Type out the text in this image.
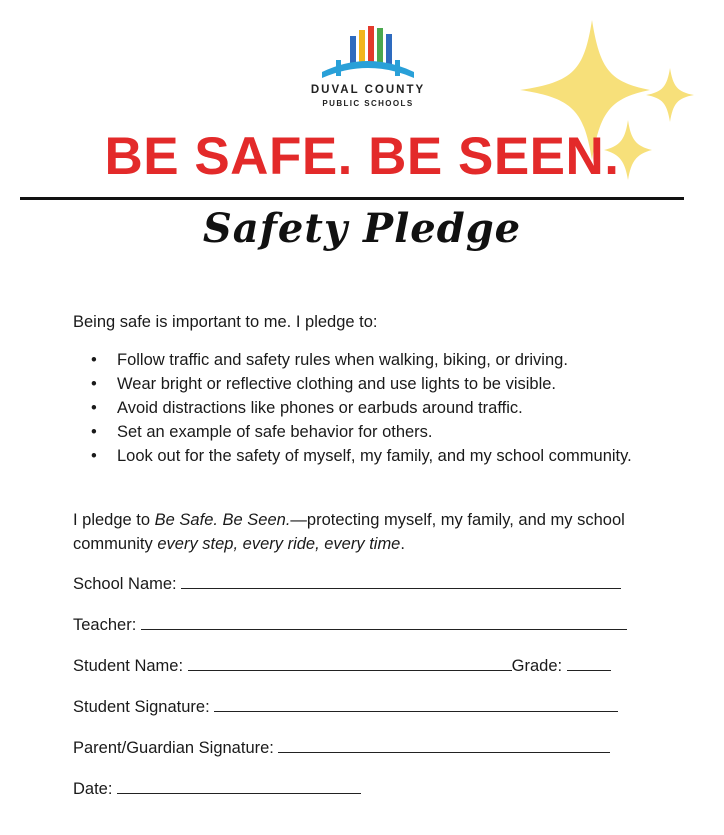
DUVAL COUNTY
PUBLIC SCHOOLS
BE SAFE. BE SEEN.
Safety Pledge
Being safe is important to me. I pledge to:
• Follow traffic and safety rules when walking, biking, or driving.
• Wear bright or reflective clothing and use lights to be visible.
• Avoid distractions like phones or earbuds around traffic.
• Set an example of safe behavior for others.
• Look out for the safety of myself, my family, and my school community.
I pledge to Be Safe. Be Seen.—protecting myself, my family, and my school community every step, every ride, every time.
School Name:
Teacher:
Student Name:	Grade:
Student Signature:
Parent/Guardian Signature:
Date:
